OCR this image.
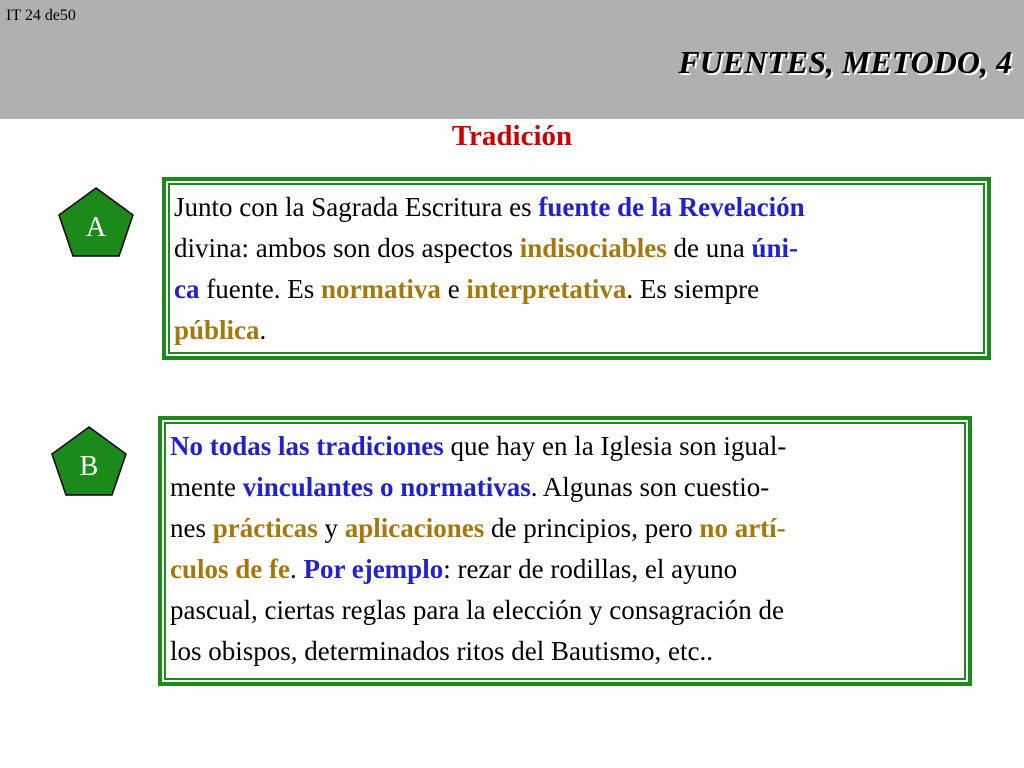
IT 24 de50
FUENTES, METODO, 4
Tradición
A
Junto con la Sagrada Escritura es fuente de la Revelación
divina: ambos son dos aspectos indisociables de una úni-
ca fuente. Es normativa e interpretativa. Es siempre
pública.
B
No todas las tradiciones que hay en la Iglesia son igual-
mente vinculantes o normativas. Algunas son cuestio-
nes prácticas y aplicaciones de principios, pero no artí-
culos de fe. Por ejemplo: rezar de rodillas, el ayuno
pascual, ciertas reglas para la elección y consagración de
los obispos, determinados ritos del Bautismo, etc..
